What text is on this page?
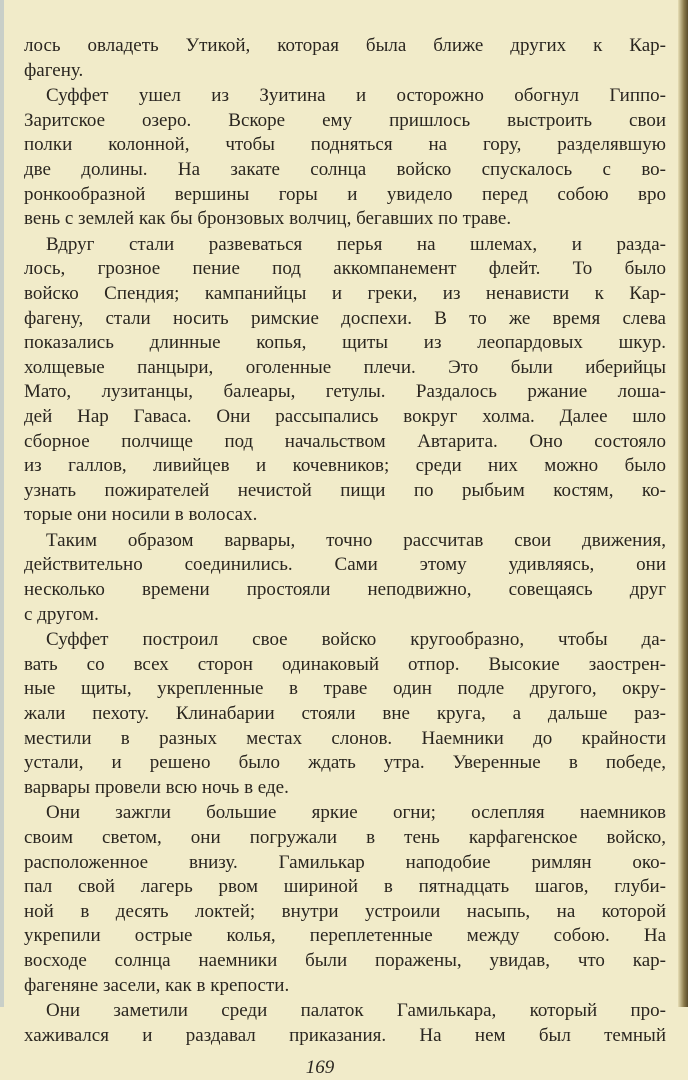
лось овладеть Утикой, которая была ближе других к Кар-
фагену.
Суффет ушел из Зуитина и осторожно обогнул Гиппо-
Заритское озеро. Вскоре ему пришлось выстроить свои
полки колонной, чтобы подняться на гору, разделявшую
две долины. На закате солнца войско спускалось с во-
ронкообразной вершины горы и увидело перед собою вро
вень с землей как бы бронзовых волчиц, бегавших по траве.
Вдруг стали развеваться перья на шлемах, и разда-
лось, грозное пение под аккомпанемент флейт. То было
войско Спендия; кампанийцы и греки, из ненависти к Кар-
фагену, стали носить римские доспехи. В то же время слева
показались длинные копья, щиты из леопардовых шкур.
холщевые панцыри, оголенные плечи. Это были иберийцы
Мато, лузитанцы, балеары, гетулы. Раздалось ржание лоша-
дей Нар Гаваса. Они рассыпались вокруг холма. Далее шло
сборное полчище под начальством Автарита. Оно состояло
из галлов, ливийцев и кочевников; среди них можно было
узнать пожирателей нечистой пищи по рыбьим костям, ко-
торые они носили в волосах.
Таким образом варвары, точно рассчитав свои движения,
действительно соединились. Сами этому удивляясь, они
несколько времени простояли неподвижно, совещаясь друг
с другом.
Суффет построил свое войско кругообразно, чтобы да-
вать со всех сторон одинаковый отпор. Высокие заострен-
ные щиты, укрепленные в траве один подле другого, окру-
жали пехоту. Клинабарии стояли вне круга, а дальше раз-
местили в разных местах слонов. Наемники до крайности
устали, и решено было ждать утра. Уверенные в победе,
варвары провели всю ночь в еде.
Они зажгли большие яркие огни; ослепляя наемников
своим светом, они погружали в тень карфагенское войско,
расположенное внизу. Гамилькар наподобие римлян око-
пал свой лагерь рвом шириной в пятнадцать шагов, глуби-
ной в десять локтей; внутри устроили насыпь, на которой
укрепили острые колья, переплетенные между собою. На
восходе солнца наемники были поражены, увидав, что кар-
фагеняне засели, как в крепости.
Они заметили среди палаток Гамилькара, который про-
хаживался и раздавал приказания. На нем был темный
169
